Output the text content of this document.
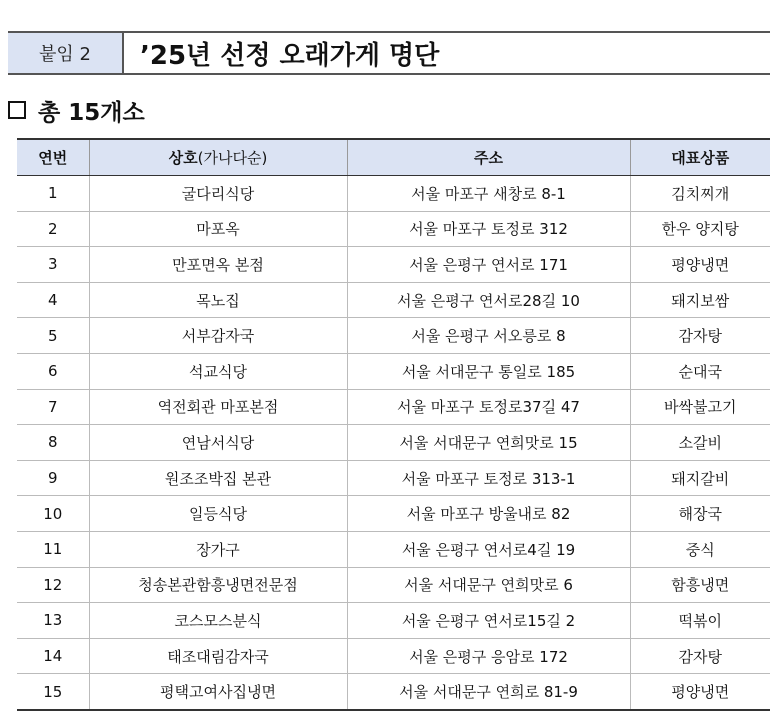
붙임 2	’25년 선정 오래가게 명단
총 15개소
연번	상호(가나다순)	주소	대표상품
1	굴다리식당	서울 마포구 새창로 8-1	김치찌개
2	마포옥	서울 마포구 토정로 312	한우 양지탕
3	만포면옥 본점	서울 은평구 연서로 171	평양냉면
4	목노집	서울 은평구 연서로28길 10	돼지보쌈
5	서부감자국	서울 은평구 서오릉로 8	감자탕
6	석교식당	서울 서대문구 통일로 185	순대국
7	역전회관 마포본점	서울 마포구 토정로37길 47	바싹불고기
8	연남서식당	서울 서대문구 연희맛로 15	소갈비
9	원조조박집 본관	서울 마포구 토정로 313-1	돼지갈비
10	일등식당	서울 마포구 방울내로 82	해장국
11	장가구	서울 은평구 연서로4길 19	중식
12	청송본관함흥냉면전문점	서울 서대문구 연희맛로 6	함흥냉면
13	코스모스분식	서울 은평구 연서로15길 2	떡볶이
14	태조대림감자국	서울 은평구 응암로 172	감자탕
15	평택고여사집냉면	서울 서대문구 연희로 81-9	평양냉면
